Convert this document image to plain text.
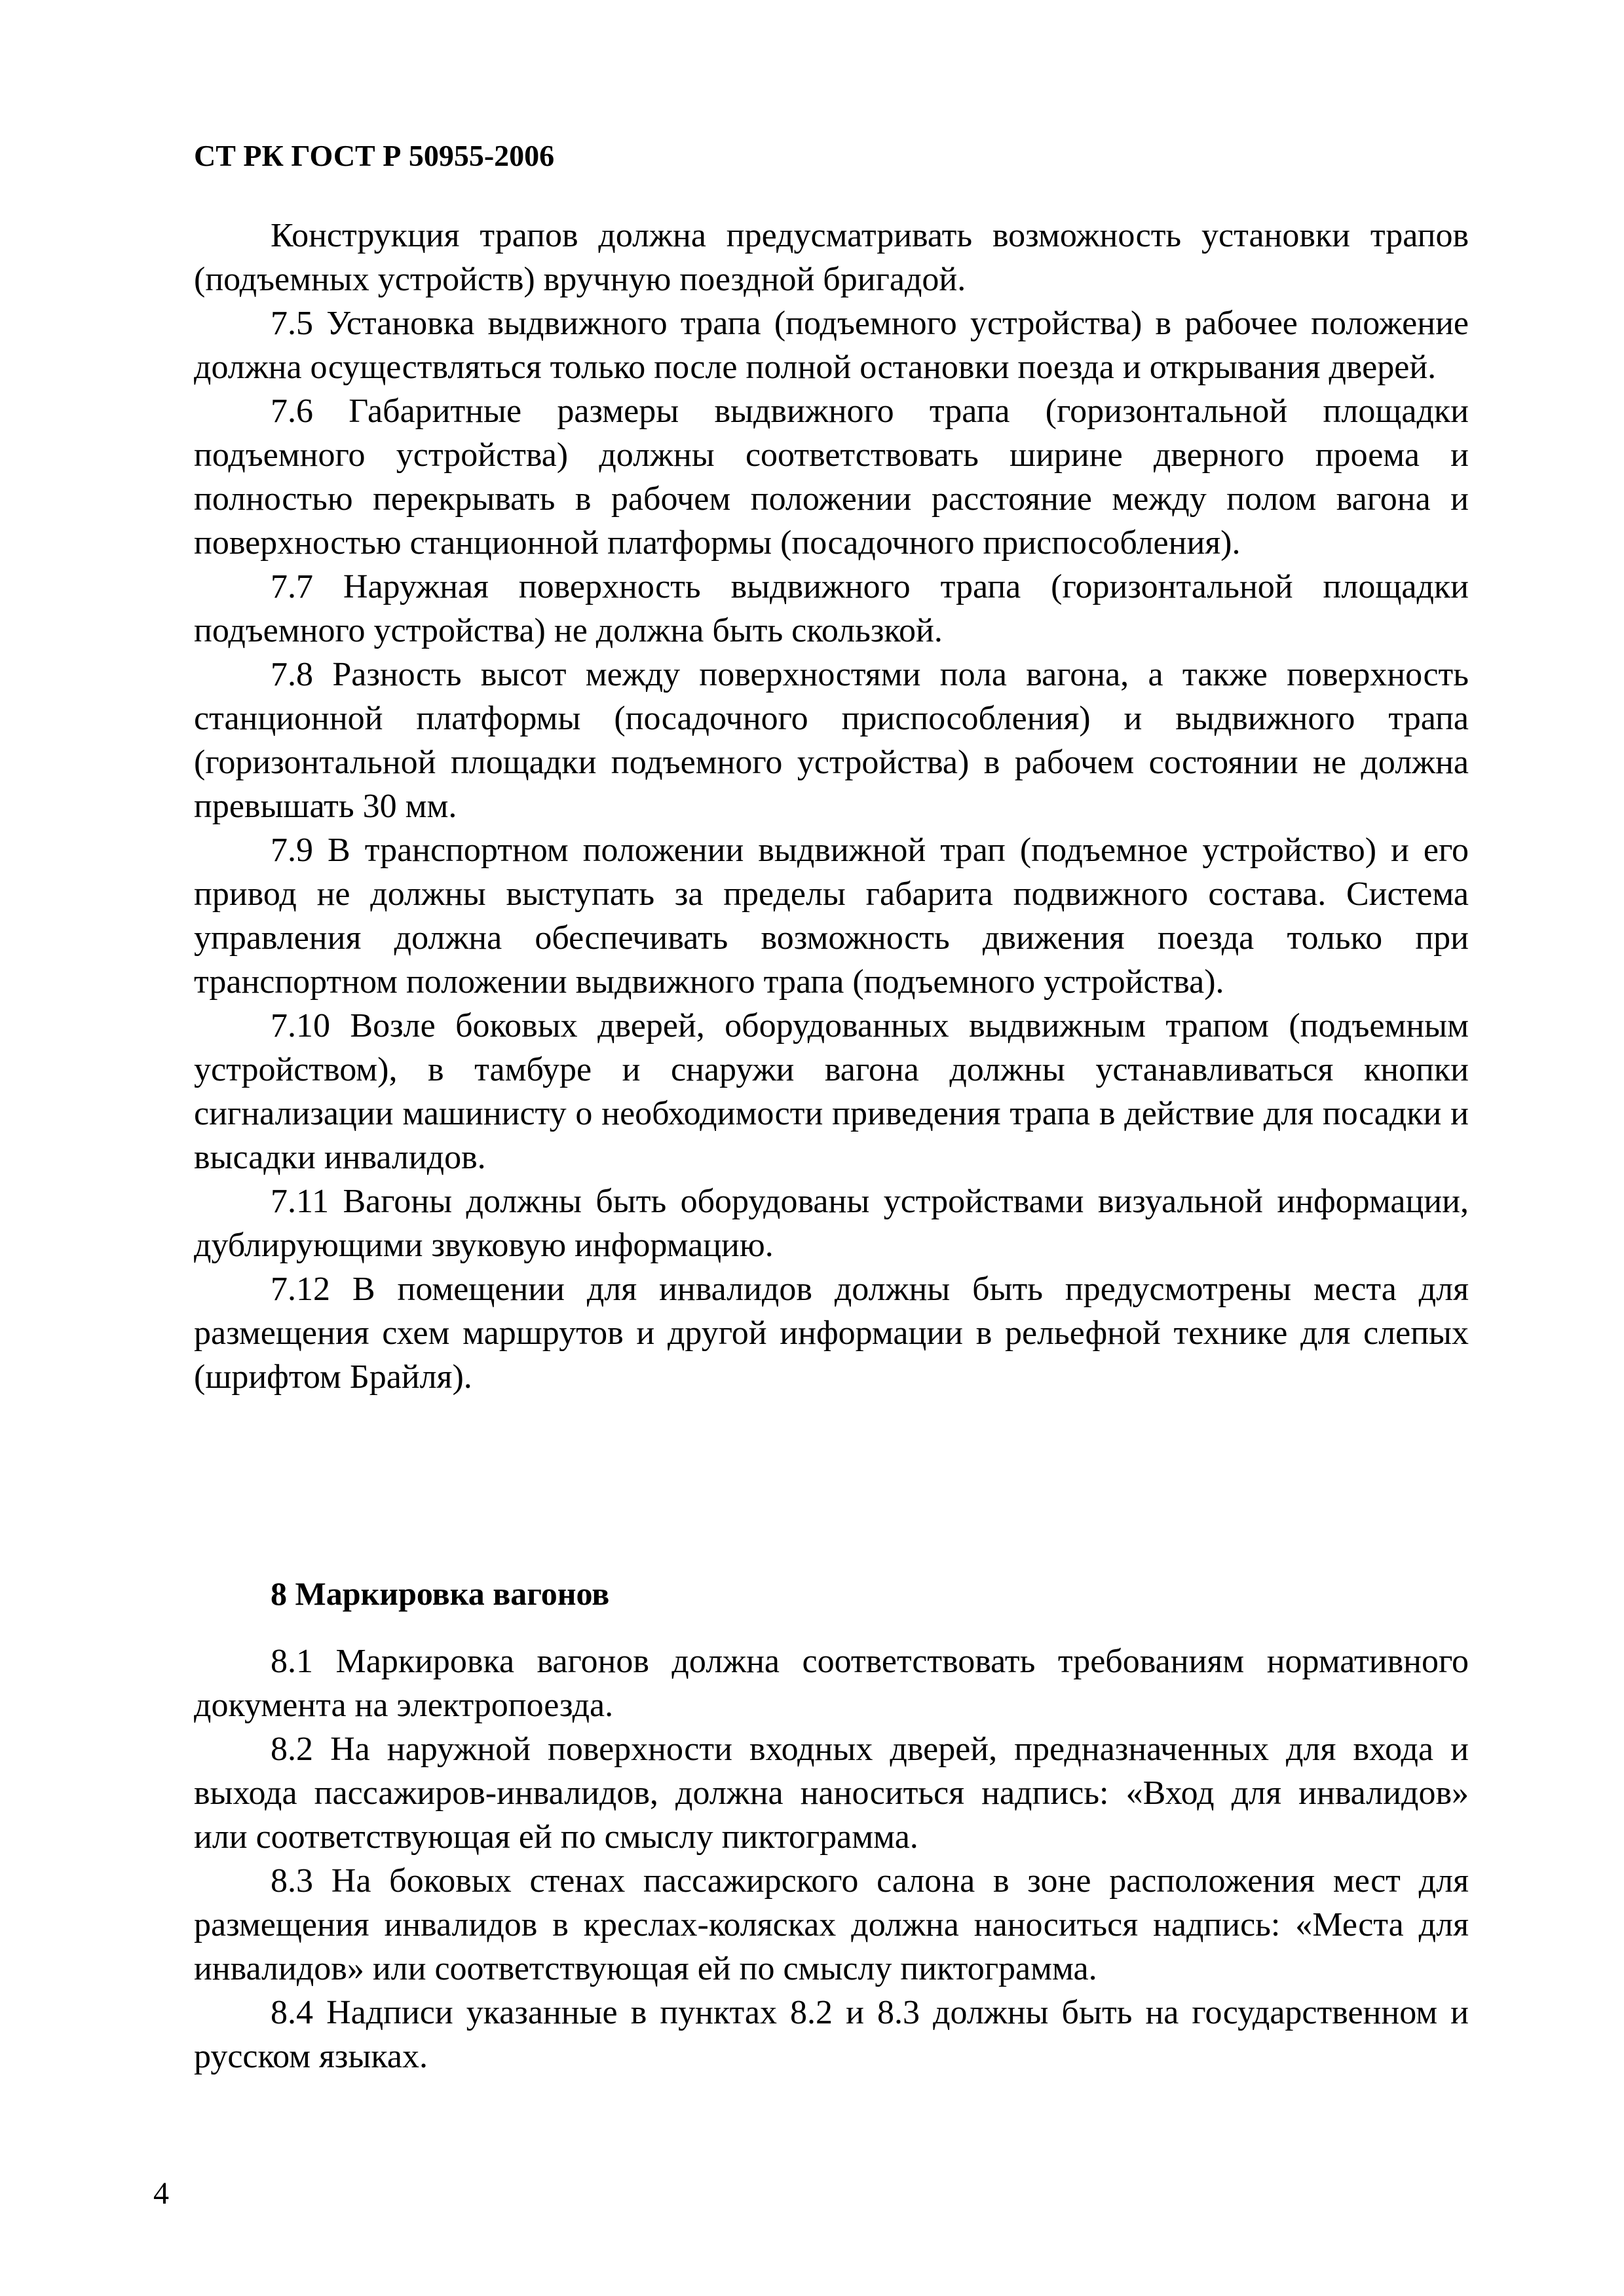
СТ РК ГОСТ Р 50955-2006

Конструкция трапов должна предусматривать возможность установки трапов (подъемных устройств) вручную поездной бригадой.

7.5 Установка выдвижного трапа (подъемного устройства) в рабочее положение должна осуществляться только после полной остановки поезда и открывания дверей.

7.6 Габаритные размеры выдвижного трапа (горизонтальной площадки подъемного устройства) должны соответствовать ширине дверного проема и полностью перекрывать в рабочем положении расстояние между полом вагона и поверхностью станционной платформы (посадочного приспособления).

7.7 Наружная поверхность выдвижного трапа (горизонтальной площадки подъемного устройства) не должна быть скользкой.

7.8 Разность высот между поверхностями пола вагона, а также поверхность станционной платформы (посадочного приспособления) и выдвижного трапа (горизонтальной площадки подъемного устройства) в рабочем состоянии не должна превышать 30 мм.

7.9 В транспортном положении выдвижной трап (подъемное устройство) и его привод не должны выступать за пределы габарита подвижного состава. Система управления должна обеспечивать возможность движения поезда только при транспортном положении выдвижного трапа (подъемного устройства).

7.10 Возле боковых дверей, оборудованных выдвижным трапом (подъемным устройством), в тамбуре и снаружи вагона должны устанавливаться кнопки сигнализации машинисту о необходимости приведения трапа в действие для посадки и высадки инвалидов.

7.11 Вагоны должны быть оборудованы устройствами визуальной информации, дублирующими звуковую информацию.

7.12 В помещении для инвалидов должны быть предусмотрены места для размещения схем маршрутов и другой информации в рельефной технике для слепых (шрифтом Брайля).

8 Маркировка вагонов

8.1 Маркировка вагонов должна соответствовать требованиям нормативного документа на электропоезда.

8.2 На наружной поверхности входных дверей, предназначенных для входа и выхода пассажиров-инвалидов, должна наноситься надпись: «Вход для инвалидов» или соответствующая ей по смыслу пиктограмма.

8.3 На боковых стенах пассажирского салона в зоне расположения мест для размещения инвалидов в креслах-колясках должна наноситься надпись: «Места для инвалидов» или соответствующая ей по смыслу пиктограмма.

8.4 Надписи указанные в пунктах 8.2 и 8.3 должны быть на государственном и русском языках.

4
